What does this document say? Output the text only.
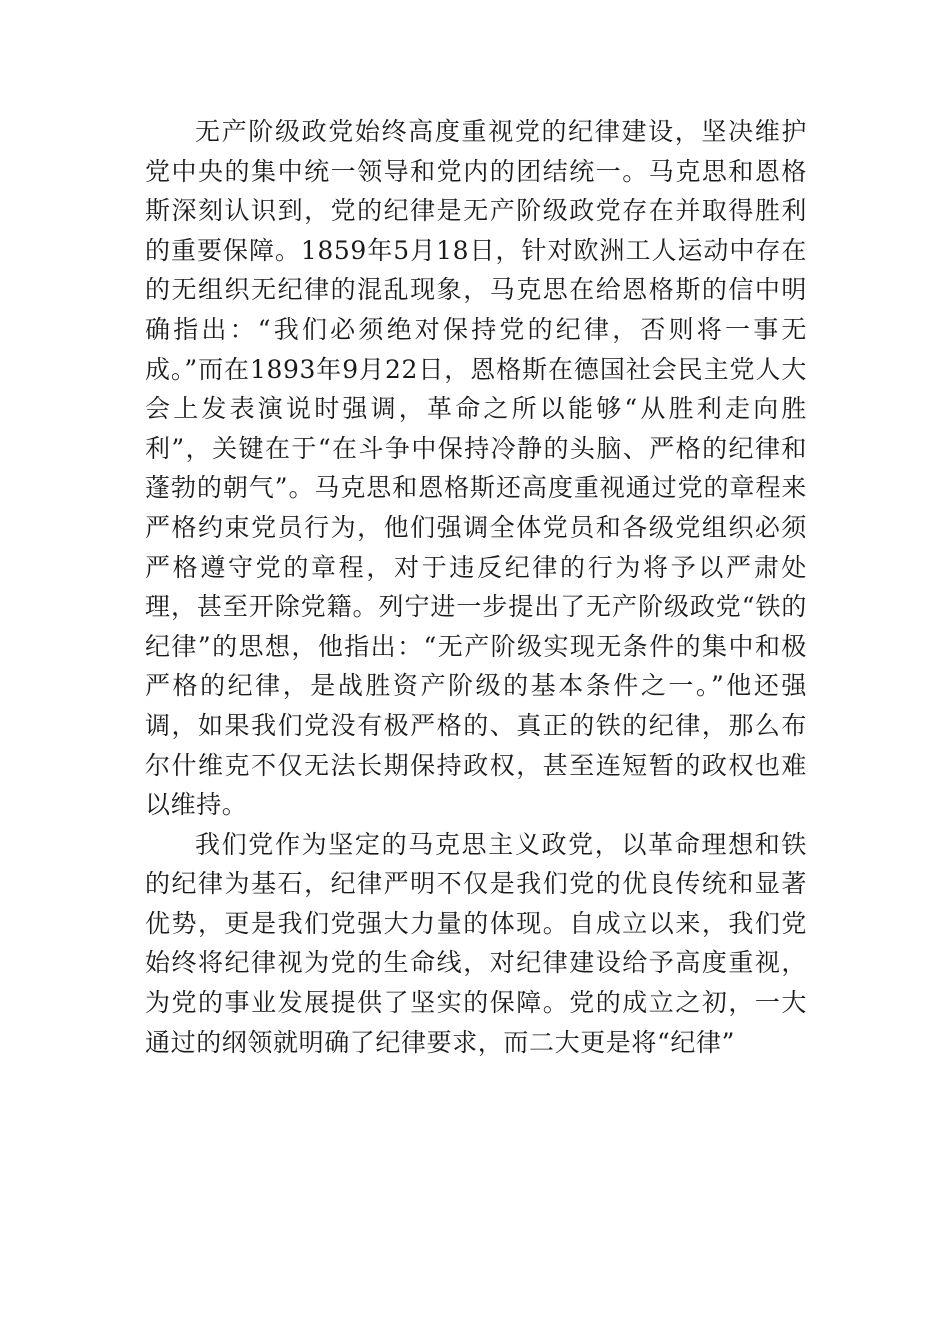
无产阶级政党始终高度重视党的纪律建设，坚决维护党中央的集中统一领导和党内的团结统一。马克思和恩格斯深刻认识到，党的纪律是无产阶级政党存在并取得胜利的重要保障。1859年5月18日，针对欧洲工人运动中存在的无组织无纪律的混乱现象，马克思在给恩格斯的信中明确指出：“我们必须绝对保持党的纪律，否则将一事无成。”而在1893年9月22日，恩格斯在德国社会民主党人大会上发表演说时强调，革命之所以能够“从胜利走向胜利”，关键在于“在斗争中保持冷静的头脑、严格的纪律和蓬勃的朝气”。马克思和恩格斯还高度重视通过党的章程来严格约束党员行为，他们强调全体党员和各级党组织必须严格遵守党的章程，对于违反纪律的行为将予以严肃处理，甚至开除党籍。列宁进一步提出了无产阶级政党“铁的纪律”的思想，他指出：“无产阶级实现无条件的集中和极严格的纪律，是战胜资产阶级的基本条件之一。”他还强调，如果我们党没有极严格的、真正的铁的纪律，那么布尔什维克不仅无法长期保持政权，甚至连短暂的政权也难以维持。

我们党作为坚定的马克思主义政党，以革命理想和铁的纪律为基石，纪律严明不仅是我们党的优良传统和显著优势，更是我们党强大力量的体现。自成立以来，我们党始终将纪律视为党的生命线，对纪律建设给予高度重视，为党的事业发展提供了坚实的保障。党的成立之初，一大通过的纲领就明确了纪律要求，而二大更是将“纪律”
